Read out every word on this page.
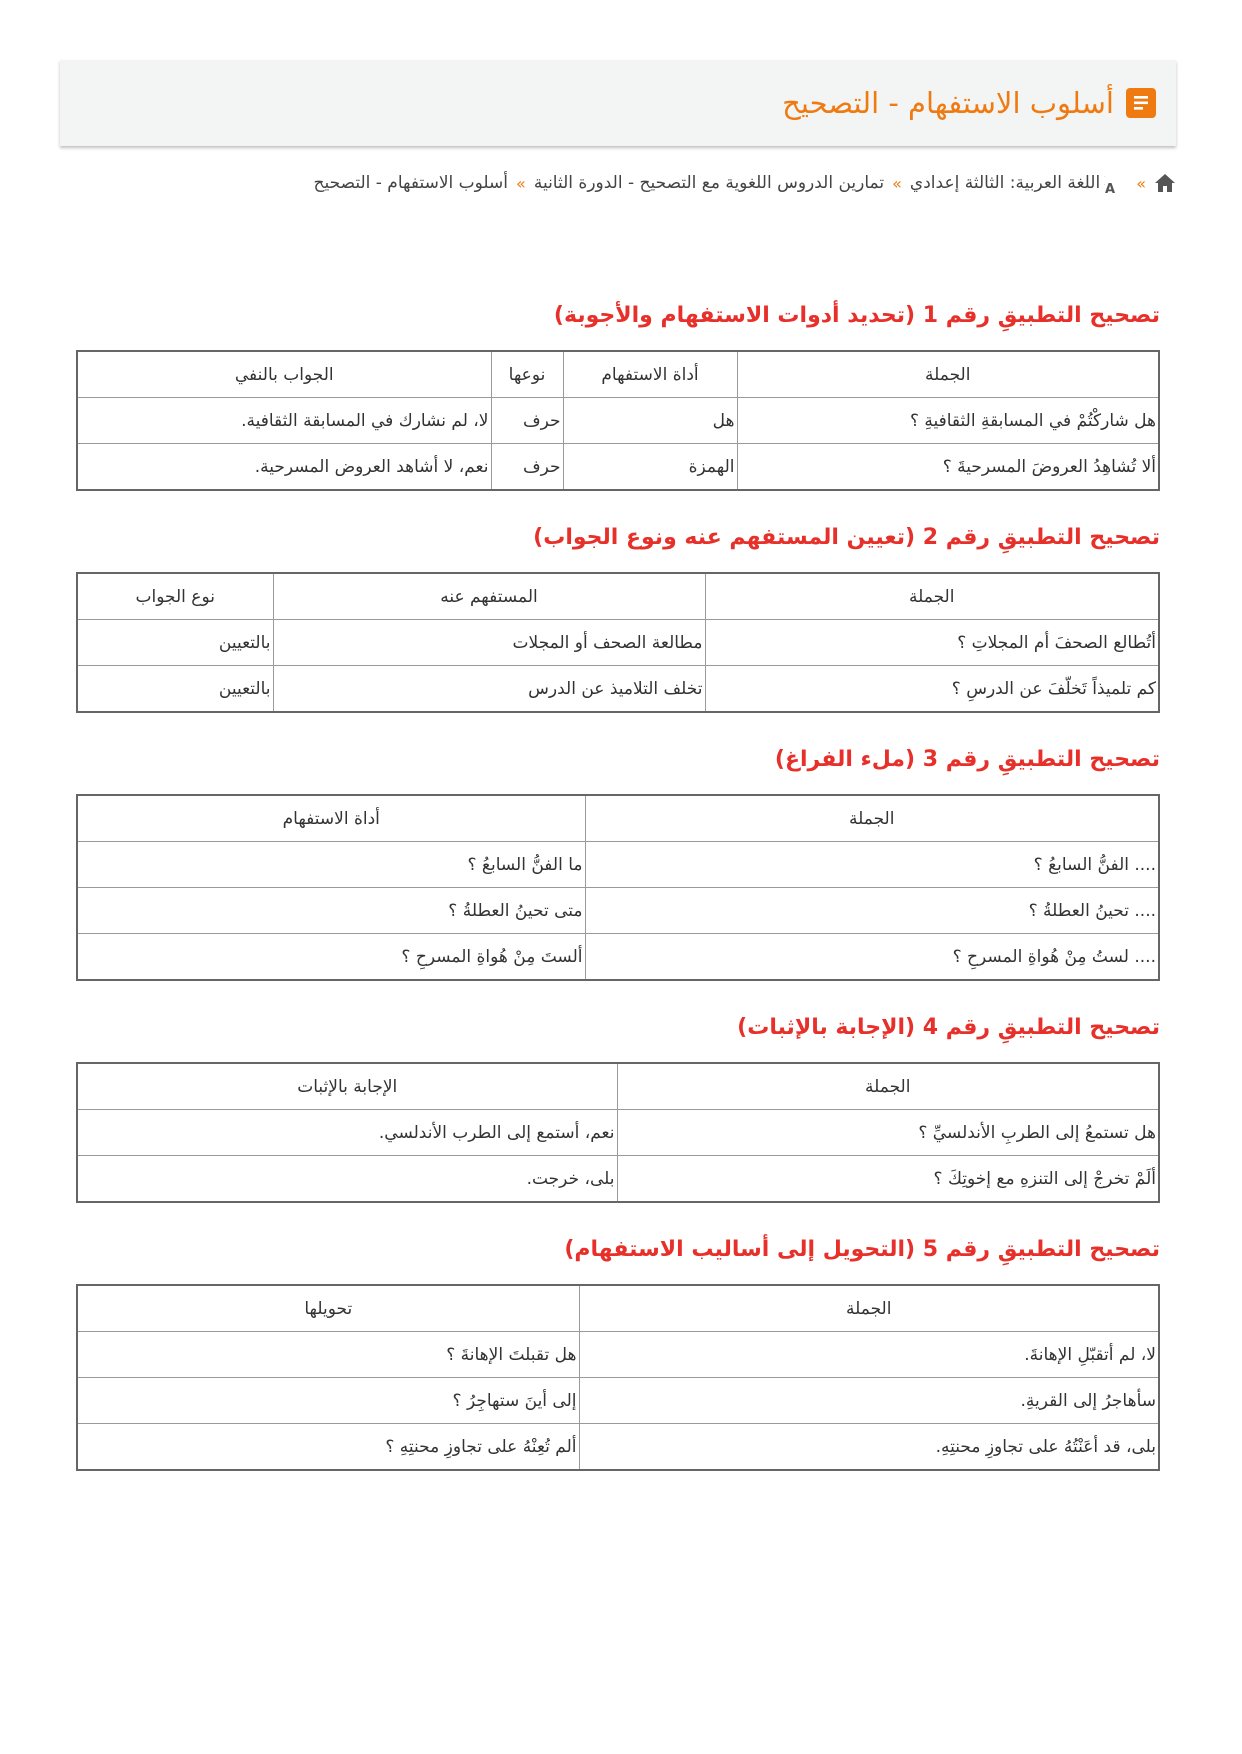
أسلوب الاستفهام - التصحيح
»
A
اللغة العربية: الثالثة إعدادي
»
تمارين الدروس اللغوية مع التصحيح - الدورة الثانية
»
أسلوب الاستفهام - التصحيح
تصحيح التطبيقِ رقم 1 (تحديد أدوات الاستفهام والأجوبة)
الجملة	أداة الاستفهام	نوعها	الجواب بالنفي
هل شاركْتُمْ في المسابقةِ الثقافيةِ ؟	هل	حرف	لا، لم نشارك في المسابقة الثقافية.
ألا تُشاهِدُ العروضَ المسرحيةَ ؟	الهمزة	حرف	نعم، لا أشاهد العروض المسرحية.
تصحيح التطبيقِ رقم 2 (تعيين المستفهم عنه ونوع الجواب)
الجملة	المستفهم عنه	نوع الجواب
أتُطالع الصحفَ أم المجلاتِ ؟	مطالعة الصحف أو المجلات	بالتعيين
كم تلميذاً تَخلّفَ عن الدرسِ ؟	تخلف التلاميذ عن الدرس	بالتعيين
تصحيح التطبيقِ رقم 3 (ملء الفراغ)
الجملة	أداة الاستفهام
.... الفنُّ السابعُ ؟	ما الفنُّ السابعُ ؟
.... تحينُ العطلةُ ؟	متى تحينُ العطلةُ ؟
.... لستُ مِنْ هُواةِ المسرحِ ؟	ألستَ مِنْ هُواةِ المسرحِ ؟
تصحيح التطبيقِ رقم 4 (الإجابة بالإثبات)
الجملة	الإجابة بالإثبات
هل تستمعُ إلى الطربِ الأندلسيِّ ؟	نعم، أستمع إلى الطرب الأندلسي.
ألَمْ تخرجْ إلى التنزهِ مع إخوتِكَ ؟	بلى، خرجت.
تصحيح التطبيقِ رقم 5 (التحويل إلى أساليب الاستفهام)
الجملة	تحويلها
لا، لم أتقبّلِ الإهانةَ.	هل تقبلتَ الإهانةَ ؟
سأهاجرُ إلى القريةِ.	إلى أينَ ستهاجِرُ ؟
بلى، قد أعَنْتُهُ على تجاوزِ محنتِهِ.	ألم تُعِنْهُ على تجاوزِ محنتِهِ ؟
